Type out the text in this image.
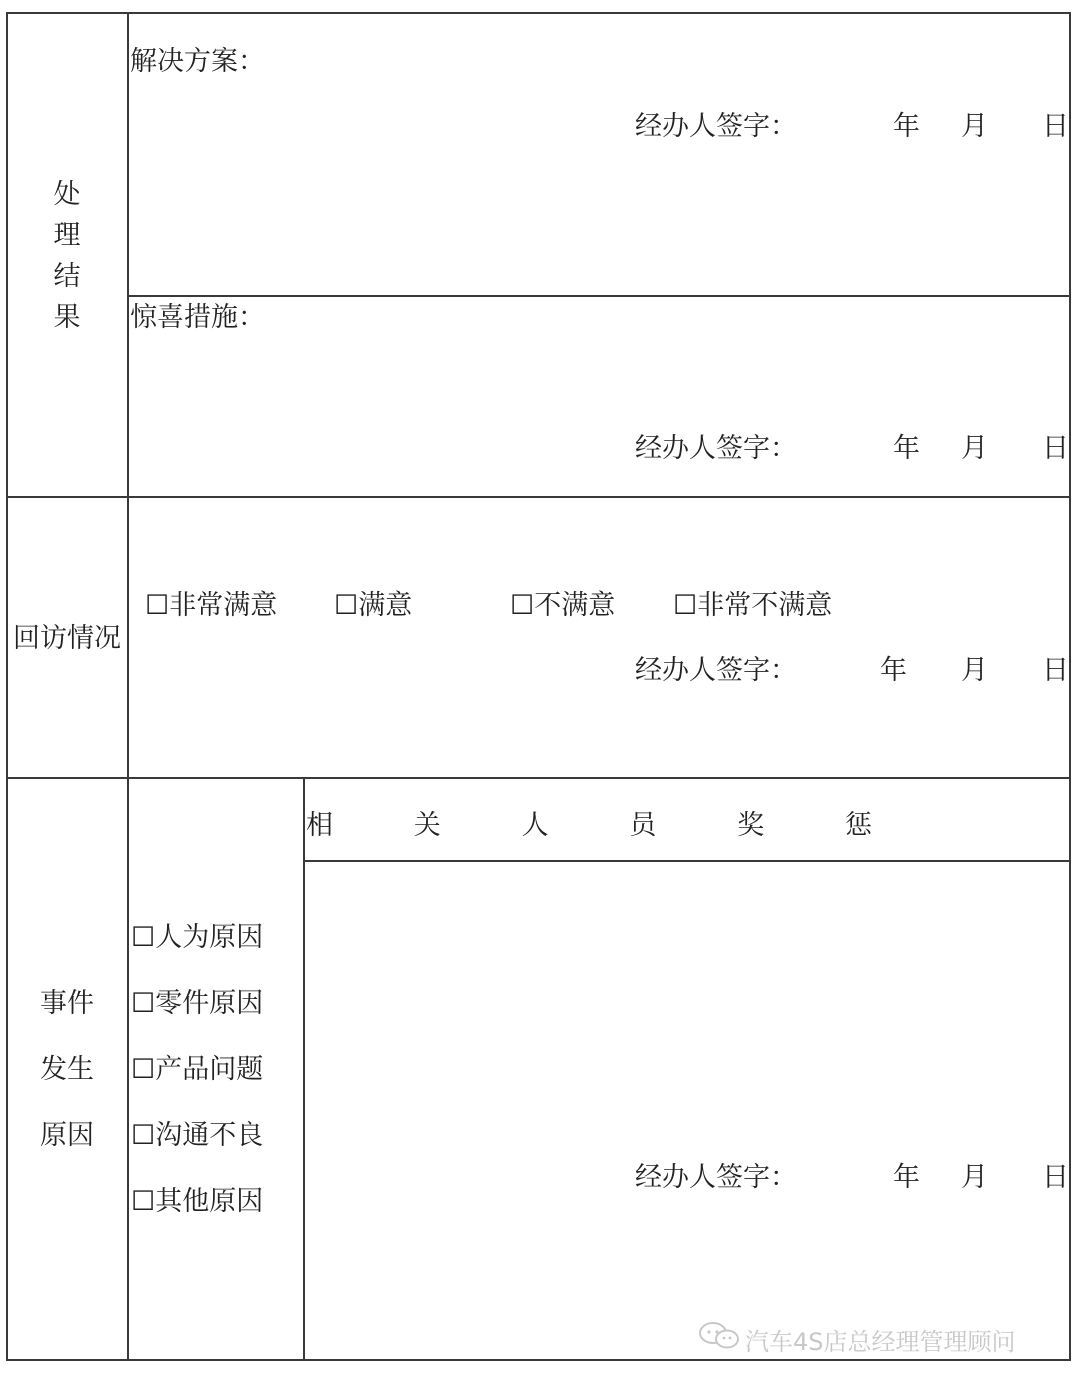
处
理
结
果
解决方案：
经办人签字：	年 月 日
惊喜措施：
经办人签字：	年 月 日
回访情况
☐非常满意 ☐满意	☐不满意 ☐非常不满意
经办人签字：	年 月 日
事件
发生
原因
☐人为原因
☐零件原因
☐产品问题
☐沟通不良
☐其他原因
相	关	人	员	奖	惩
经办人签字：	年 月 日
汽车4S店总经理管理顾问
